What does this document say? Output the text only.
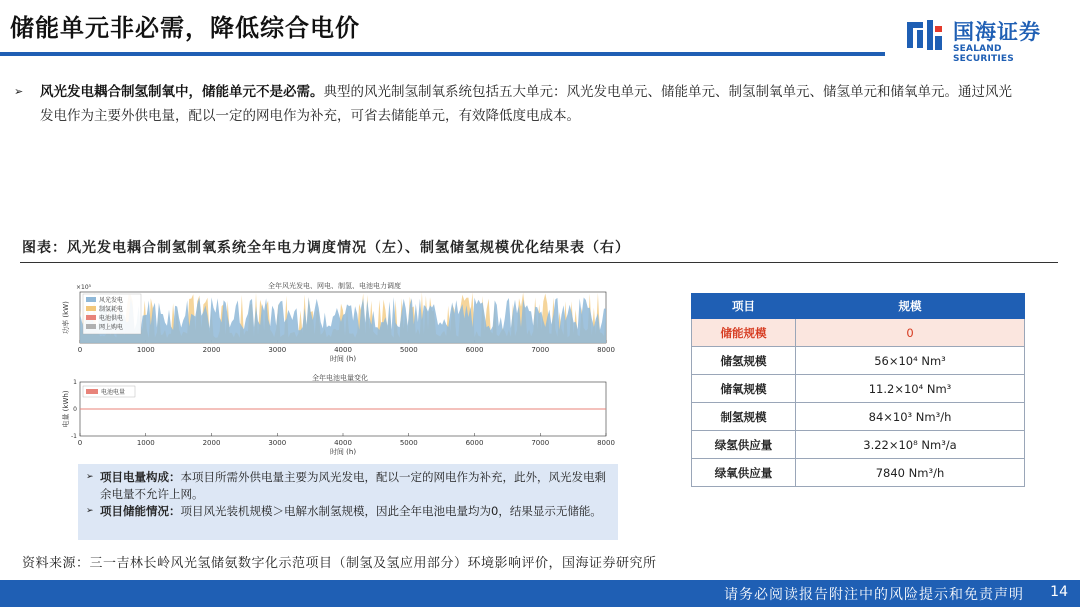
储能单元非必需，降低综合电价	国海证券
SEALAND SECURITIES
➢	风光发电耦合制氢制氧中，储能单元不是必需。典型的风光制氢制氧系统包括五大单元：风光发电单元、储能单元、制氢制氧单元、储氢单元和储氧单元。通过风光发电作为主要外供电量，配以一定的网电作为补充，可省去储能单元，有效降低度电成本。
图表：风光发电耦合制氢制氧系统全年电力调度情况（左）、制氢储氢规模优化结果表（右）
全年风光发电、网电、制氢、电池电力调度
全年电池电量变化
0	1000	2000	3000	4000	5000	6000	7000	8000
时间 (h)
功率 (kW)
×10⁵
风光发电
制氢耗电
电池供电
网上购电
0	1000	2000	3000	4000	5000	6000	7000	8000
时间 (h)
电量 (kWh)
1
0
-1
电池电量
➢ 项目电量构成：本项目所需外供电量主要为风光发电，配以一定的网电作为补充，此外，风光发电剩余电量不允许上网。
➢ 项目储能情况：项目风光装机规模＞电解水制氢规模，因此全年电池电量均为0，结果显示无储能。
项目	规模
储能规模	0
储氢规模	56×10⁴ Nm³
储氧规模	11.2×10⁴ Nm³
制氢规模	84×10³ Nm³/h
绿氢供应量	3.22×10⁸ Nm³/a
绿氧供应量	7840 Nm³/h
资料来源：三一吉林长岭风光氢储氨数字化示范项目（制氢及氢应用部分）环境影响评价，国海证券研究所
请务必阅读报告附注中的风险提示和免责声明 14
